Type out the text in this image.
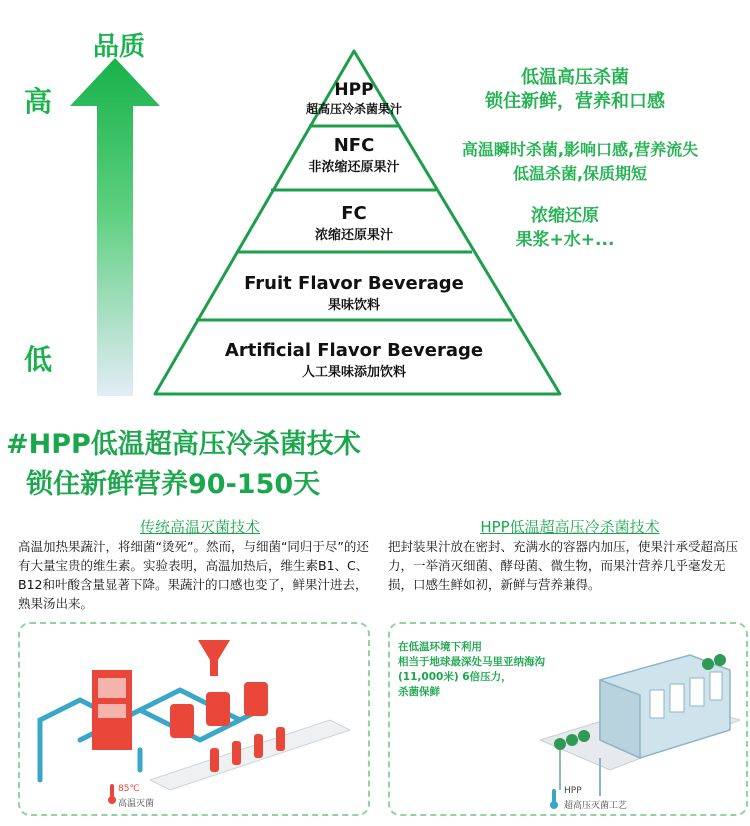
品质
高
低
HPP
超高压冷杀菌果汁
NFC
非浓缩还原果汁
FC
浓缩还原果汁
Fruit Flavor Beverage
果味饮料
Artificial Flavor Beverage
人工果味添加饮料
低温高压杀菌
锁住新鲜，营养和口感
高温瞬时杀菌,影响口感,营养流失
低温杀菌,保质期短
浓缩还原
果浆+水+...
#HPP低温超高压冷杀菌技术
锁住新鲜营养90-150天
传统高温灭菌技术
高温加热果蔬汁，将细菌“烫死”。然而，与细菌“同归于尽”的还有大量宝贵的维生素。实验表明，高温加热后，维生素B1、C、B12和叶酸含量显著下降。果蔬汁的口感也变了，鲜果汁进去，熟果汤出来。
HPP低温超高压冷杀菌技术
把封装果汁放在密封、充满水的容器内加压，使果汁承受超高压力，一举消灭细菌、酵母菌、微生物，而果汁营养几乎毫发无损，口感生鲜如初，新鲜与营养兼得。
85℃
高温灭菌
在低温环境下利用
相当于地球最深处马里亚纳海沟
(11,000米) 6倍压力，
杀菌保鲜
HPP
超高压灭菌工艺
